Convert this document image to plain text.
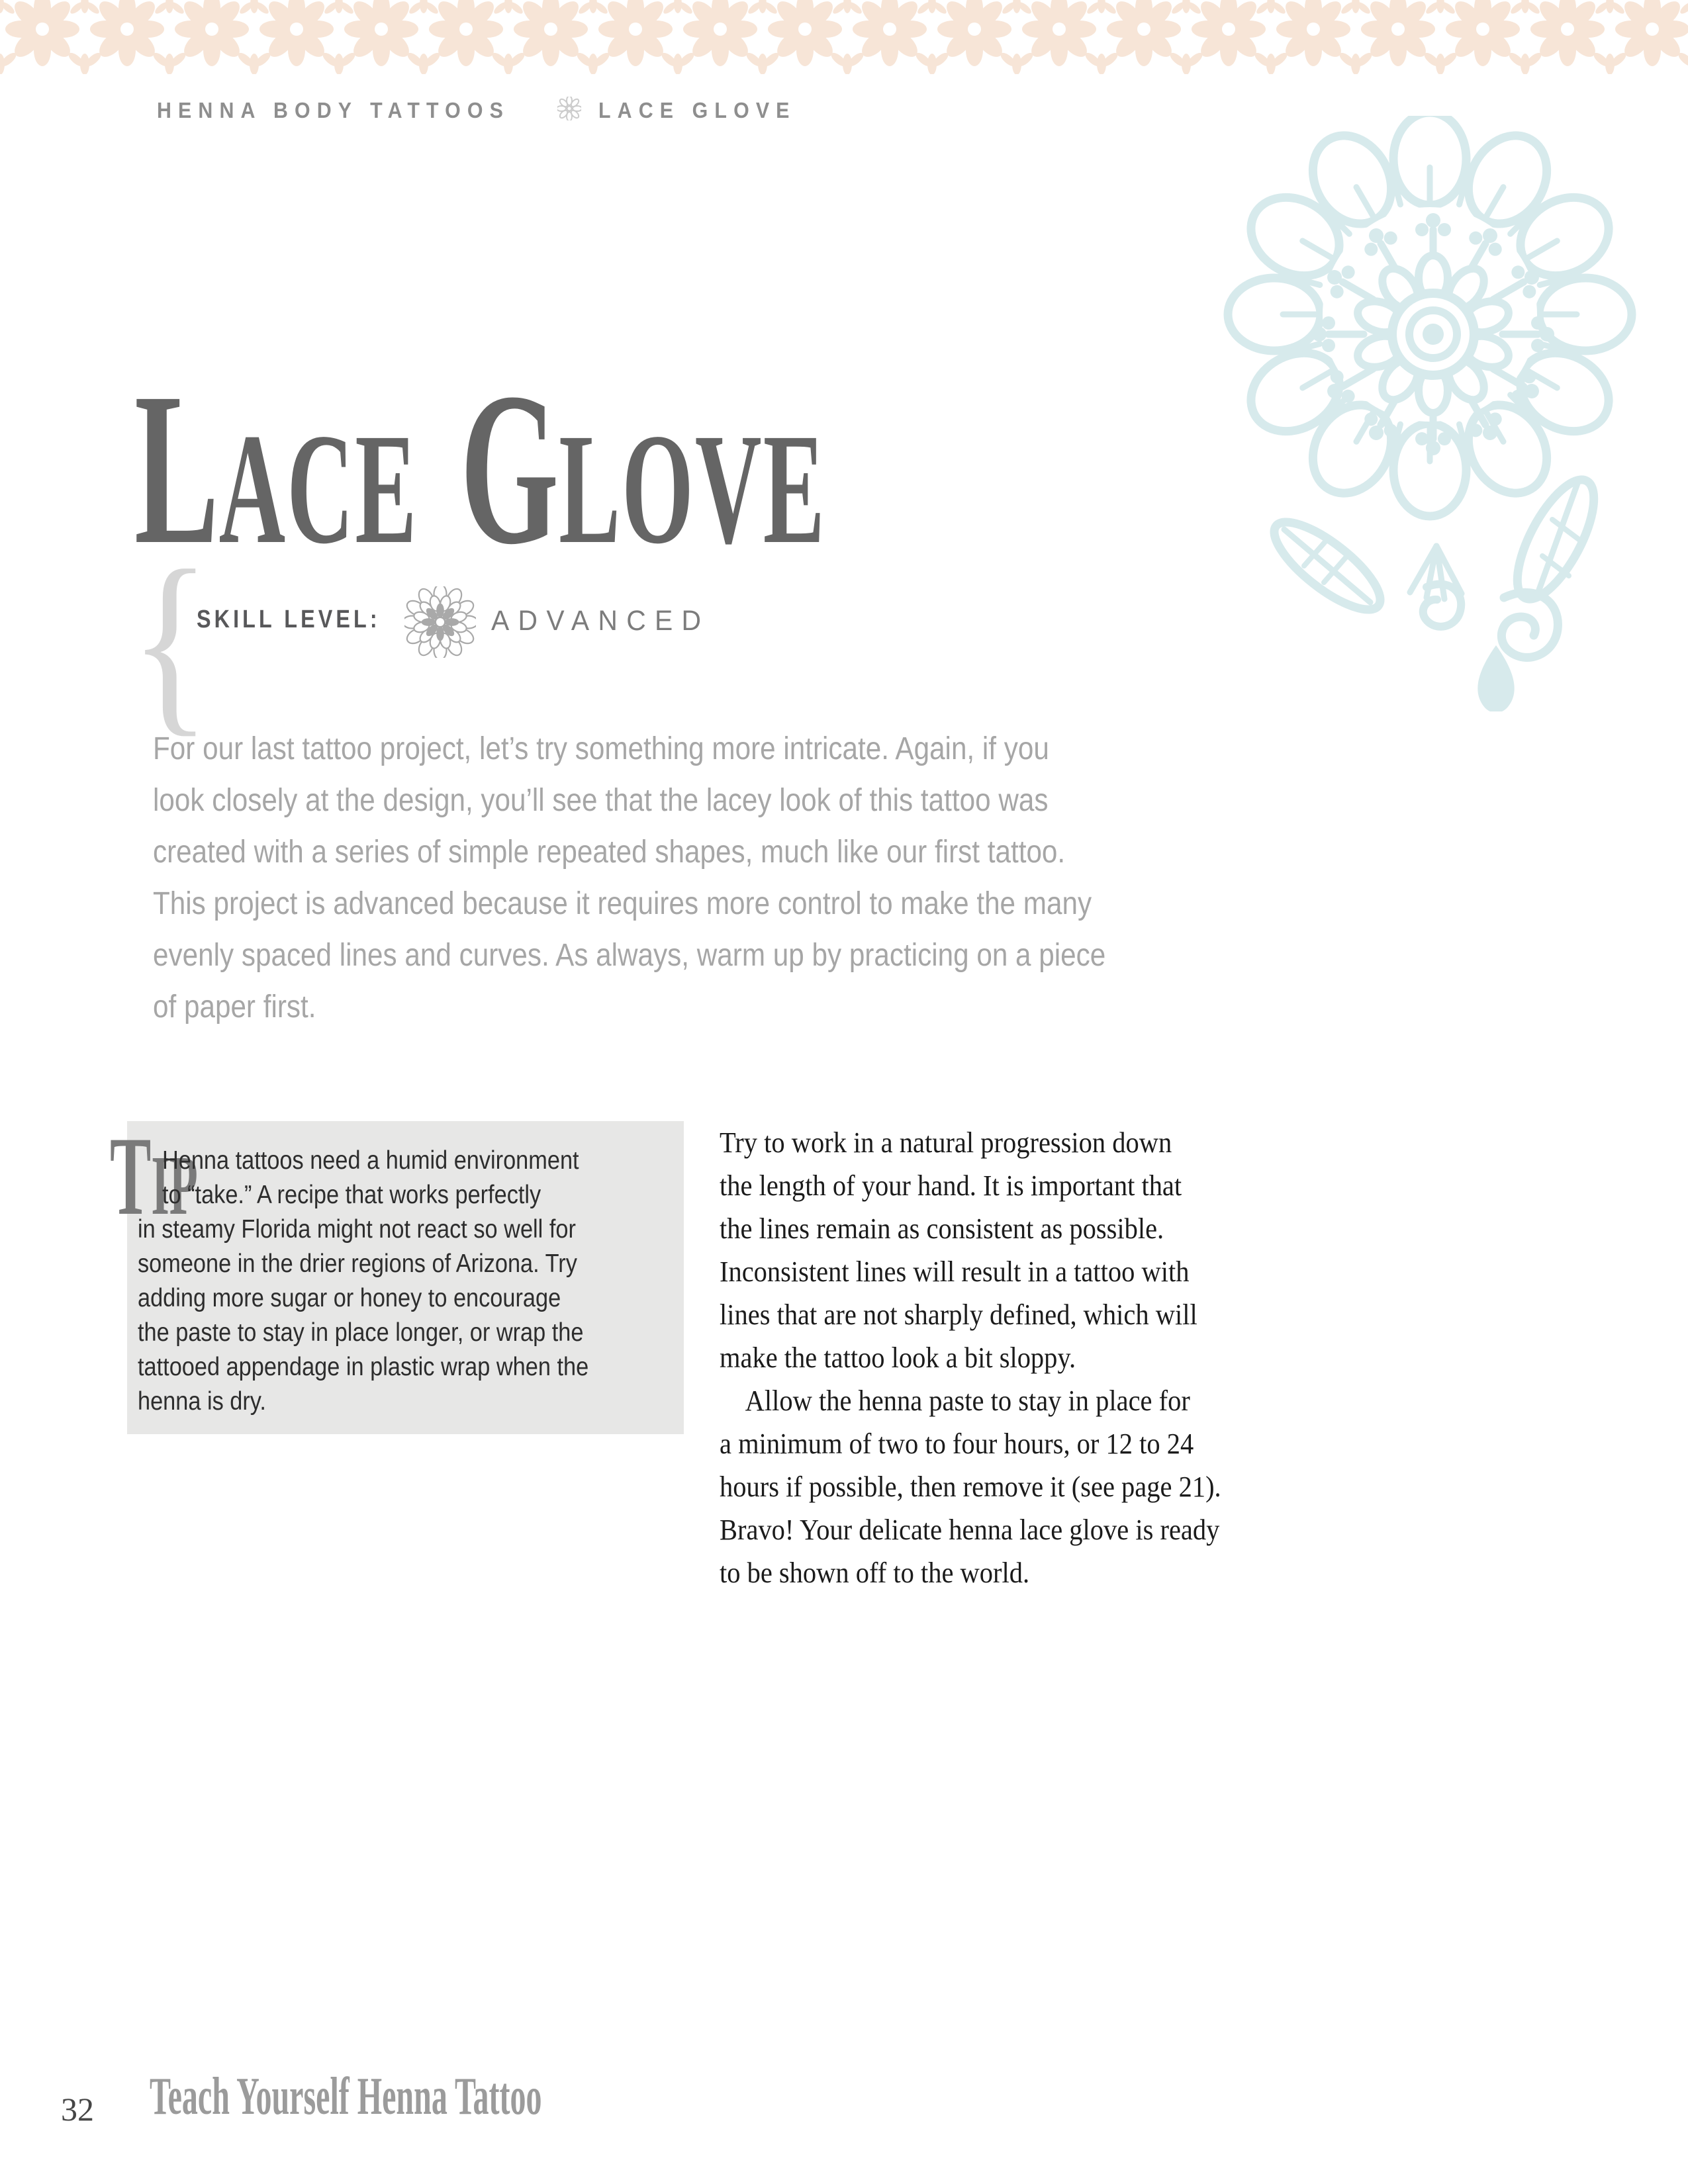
HENNA BODY TATTOOS	LACE GLOVE
LACE GLOVE
{
SKILL LEVEL:	ADVANCED
For our last tattoo project, let’s try something more intricate. Again, if you
look closely at the design, you’ll see that the lacey look of this tattoo was
created with a series of simple repeated shapes, much like our first tattoo.
This project is advanced because it requires more control to make the many
evenly spaced lines and curves. As always, warm up by practicing on a piece
of paper first.
TIP
Henna tattoos need a humid environment
to “take.” A recipe that works perfectly
in steamy Florida might not react so well for
someone in the drier regions of Arizona. Try
adding more sugar or honey to encourage
the paste to stay in place longer, or wrap the
tattooed appendage in plastic wrap when the
henna is dry.
Try to work in a natural progression down
the length of your hand. It is important that
the lines remain as consistent as possible.
Inconsistent lines will result in a tattoo with
lines that are not sharply defined, which will
make the tattoo look a bit sloppy.
Allow the henna paste to stay in place for
a minimum of two to four hours, or 12 to 24
hours if possible, then remove it (see page 21).
Bravo! Your delicate henna lace glove is ready
to be shown off to the world.
32 Teach Yourself Henna Tattoo
